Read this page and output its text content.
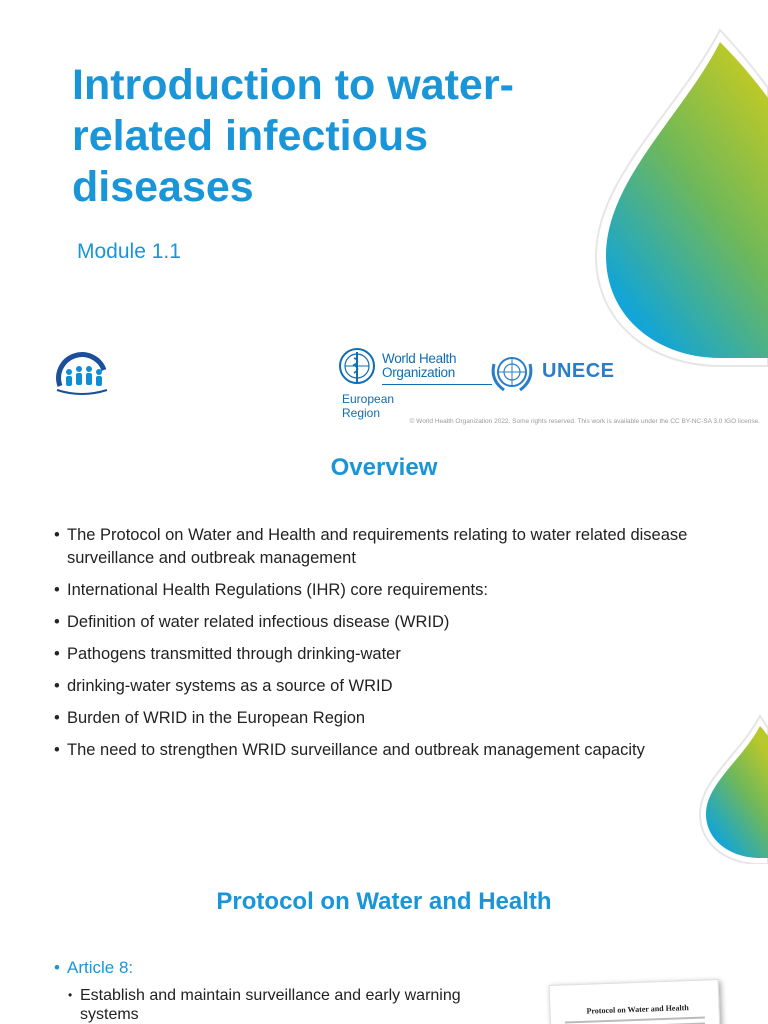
Introduction to water-related infectious diseases
Module 1.1
World Health Organization
European Region
UNECE
© World Health Organization 2022. Some rights reserved. This work is available under the CC BY-NC-SA 3.0 IGO license.
Overview
• The Protocol on Water and Health and requirements relating to water related disease surveillance and outbreak management
• International Health Regulations (IHR) core requirements:
• Definition of water related infectious disease (WRID)
• Pathogens transmitted through drinking-water
• drinking-water systems as a source of WRID
• Burden of WRID in the European Region
• The need to strengthen WRID surveillance and outbreak management capacity
Protocol on Water and Health
• Article 8:
• Establish and maintain surveillance and early warning systems	Protocol on Water and Health
